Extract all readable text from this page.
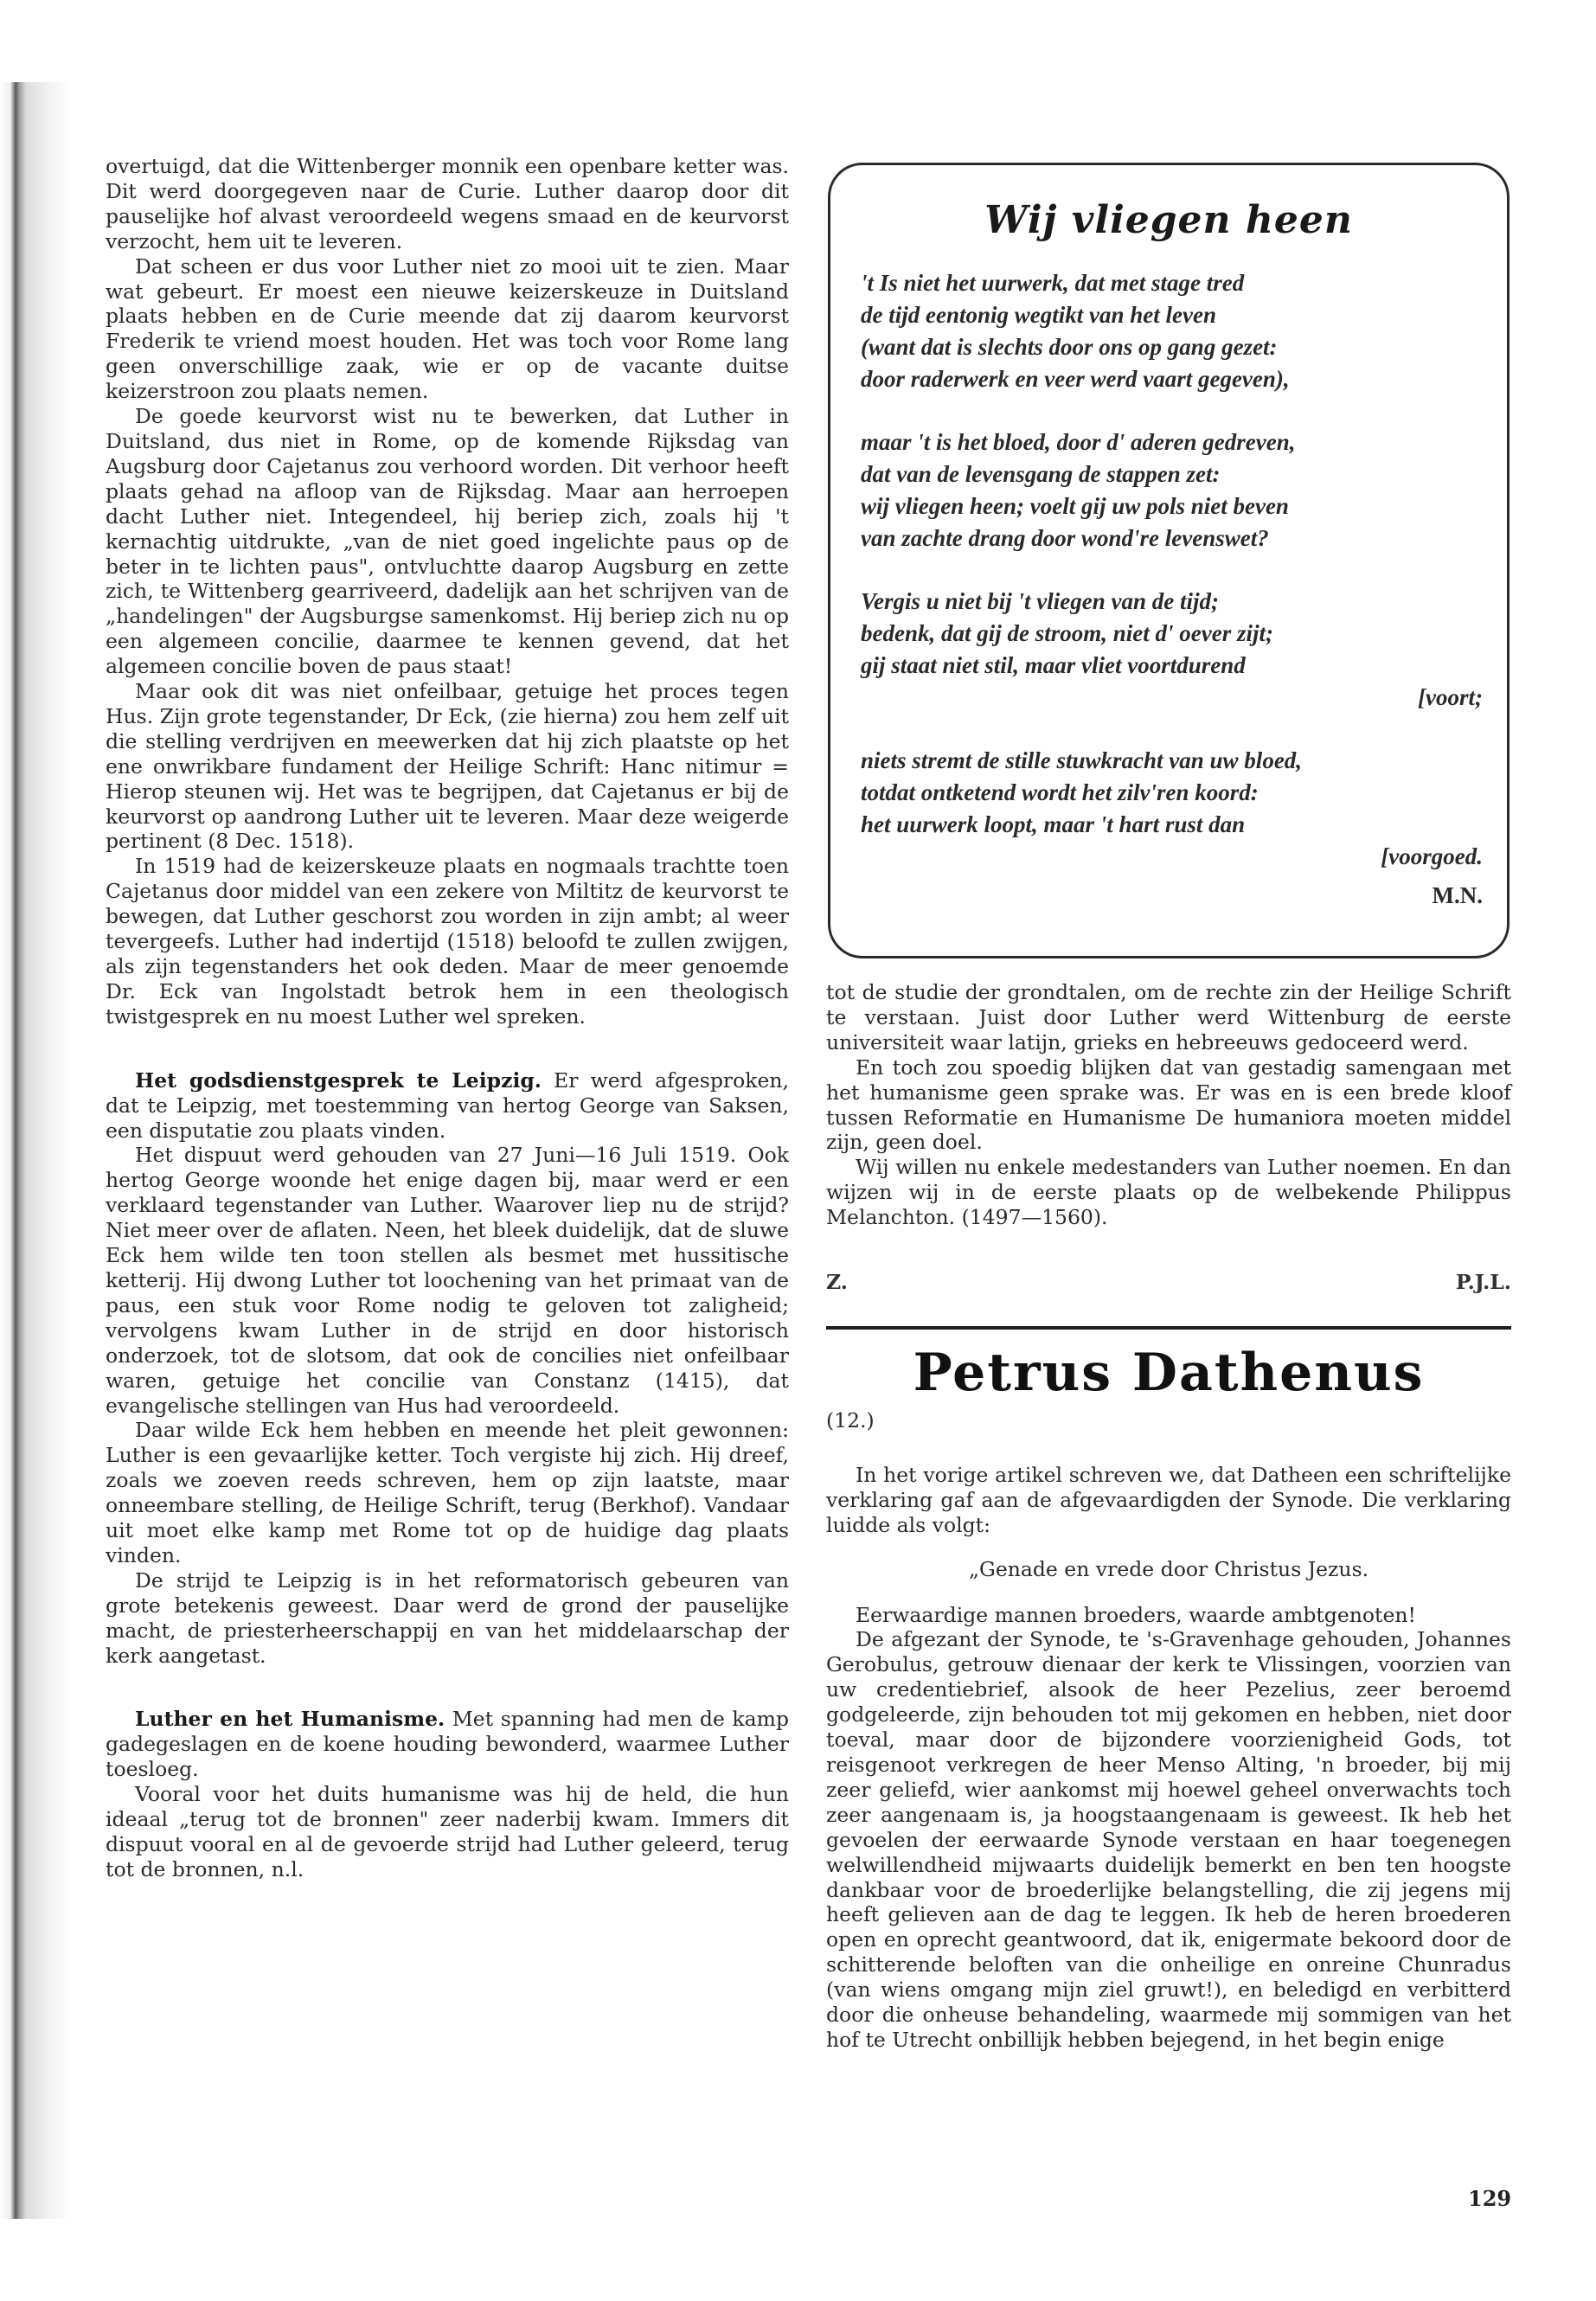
overtuigd, dat die Wittenberger monnik een openbare ketter was. Dit werd doorgegeven naar de Curie. Luther daarop door dit pauselijke hof alvast veroordeeld wegens smaad en de keurvorst verzocht, hem uit te leveren.

Dat scheen er dus voor Luther niet zo mooi uit te zien. Maar wat gebeurt. Er moest een nieuwe keizerskeuze in Duitsland plaats hebben en de Curie meende dat zij daarom keurvorst Frederik te vriend moest houden. Het was toch voor Rome lang geen onverschillige zaak, wie er op de vacante duitse keizerstroon zou plaats nemen.

De goede keurvorst wist nu te bewerken, dat Luther in Duitsland, dus niet in Rome, op de komende Rijksdag van Augsburg door Cajetanus zou verhoord worden. Dit verhoor heeft plaats gehad na afloop van de Rijksdag. Maar aan herroepen dacht Luther niet. Integendeel, hij beriep zich, zoals hij 't kernachtig uitdrukte, „van de niet goed ingelichte paus op de beter in te lichten paus", ontvluchtte daarop Augsburg en zette zich, te Wittenberg gearriveerd, dadelijk aan het schrijven van de „handelingen" der Augsburgse samenkomst. Hij beriep zich nu op een algemeen concilie, daarmee te kennen gevend, dat het algemeen concilie boven de paus staat!

Maar ook dit was niet onfeilbaar, getuige het proces tegen Hus. Zijn grote tegenstander, Dr Eck, (zie hierna) zou hem zelf uit die stelling verdrijven en meewerken dat hij zich plaatste op het ene onwrikbare fundament der Heilige Schrift: Hanc nitimur = Hierop steunen wij. Het was te begrijpen, dat Cajetanus er bij de keurvorst op aandrong Luther uit te leveren. Maar deze weigerde pertinent (8 Dec. 1518).

In 1519 had de keizerskeuze plaats en nogmaals trachtte toen Cajetanus door middel van een zekere von Miltitz de keurvorst te bewegen, dat Luther geschorst zou worden in zijn ambt; al weer tevergeefs. Luther had indertijd (1518) beloofd te zullen zwijgen, als zijn tegenstanders het ook deden. Maar de meer genoemde Dr. Eck van Ingolstadt betrok hem in een theologisch twistgesprek en nu moest Luther wel spreken.

Het godsdienstgesprek te Leipzig. Er werd afgesproken, dat te Leipzig, met toestemming van hertog George van Saksen, een disputatie zou plaats vinden.

Het dispuut werd gehouden van 27 Juni—16 Juli 1519. Ook hertog George woonde het enige dagen bij, maar werd er een verklaard tegenstander van Luther. Waarover liep nu de strijd? Niet meer over de aflaten. Neen, het bleek duidelijk, dat de sluwe Eck hem wilde ten toon stellen als besmet met hussitische ketterij. Hij dwong Luther tot loochening van het primaat van de paus, een stuk voor Rome nodig te geloven tot zaligheid; vervolgens kwam Luther in de strijd en door historisch onderzoek, tot de slotsom, dat ook de concilies niet onfeilbaar waren, getuige het concilie van Constanz (1415), dat evangelische stellingen van Hus had veroordeeld.

Daar wilde Eck hem hebben en meende het pleit gewonnen: Luther is een gevaarlijke ketter. Toch vergiste hij zich. Hij dreef, zoals we zoeven reeds schreven, hem op zijn laatste, maar onneembare stelling, de Heilige Schrift, terug (Berkhof). Vandaar uit moet elke kamp met Rome tot op de huidige dag plaats vinden.

De strijd te Leipzig is in het reformatorisch gebeuren van grote betekenis geweest. Daar werd de grond der pauselijke macht, de priesterheerschappij en van het middelaarschap der kerk aangetast.

Luther en het Humanisme. Met spanning had men de kamp gadegeslagen en de koene houding bewonderd, waarmee Luther toesloeg.

Vooral voor het duits humanisme was hij de held, die hun ideaal „terug tot de bronnen" zeer naderbij kwam. Immers dit dispuut vooral en al de gevoerde strijd had Luther geleerd, terug tot de bronnen, n.l.

Wij vliegen heen
't Is niet het uurwerk, dat met stage tred
de tijd eentonig wegtikt van het leven
(want dat is slechts door ons op gang gezet:
door raderwerk en veer werd vaart gegeven),
maar 't is het bloed, door d' aderen gedreven,
dat van de levensgang de stappen zet:
wij vliegen heen; voelt gij uw pols niet beven
van zachte drang door wond're levenswet?
Vergis u niet bij 't vliegen van de tijd;
bedenk, dat gij de stroom, niet d' oever zijt;
gij staat niet stil, maar vliet voortdurend
[voort;
niets stremt de stille stuwkracht van uw bloed,
totdat ontketend wordt het zilv'ren koord:
het uurwerk loopt, maar 't hart rust dan
[voorgoed.
M.N.

tot de studie der grondtalen, om de rechte zin der Heilige Schrift te verstaan. Juist door Luther werd Wittenburg de eerste universiteit waar latijn, grieks en hebreeuws gedoceerd werd.

En toch zou spoedig blijken dat van gestadig samengaan met het humanisme geen sprake was. Er was en is een brede kloof tussen Reformatie en Humanisme De humaniora moeten middel zijn, geen doel.

Wij willen nu enkele medestanders van Luther noemen. En dan wijzen wij in de eerste plaats op de welbekende Philippus Melanchton. (1497—1560).

Z.	P.J.L.
Petrus Dathenus

(12.)

In het vorige artikel schreven we, dat Datheen een schriftelijke verklaring gaf aan de afgevaardigden der Synode. Die verklaring luidde als volgt:

„Genade en vrede door Christus Jezus.

Eerwaardige mannen broeders, waarde ambtgenoten!

De afgezant der Synode, te 's-Gravenhage gehouden, Johannes Gerobulus, getrouw dienaar der kerk te Vlissingen, voorzien van uw credentiebrief, alsook de heer Pezelius, zeer beroemd godgeleerde, zijn behouden tot mij gekomen en hebben, niet door toeval, maar door de bijzondere voorzienigheid Gods, tot reisgenoot verkregen de heer Menso Alting, 'n broeder, bij mij zeer geliefd, wier aankomst mij hoewel geheel onverwachts toch zeer aangenaam is, ja hoogstaangenaam is geweest. Ik heb het gevoelen der eerwaarde Synode verstaan en haar toegenegen welwillendheid mijwaarts duidelijk bemerkt en ben ten hoogste dankbaar voor de broederlijke belangstelling, die zij jegens mij heeft gelieven aan de dag te leggen. Ik heb de heren broederen open en oprecht geantwoord, dat ik, enigermate bekoord door de schitterende beloften van die onheilige en onreine Chunradus (van wiens omgang mijn ziel gruwt!), en beledigd en verbitterd door die onheuse behandeling, waarmede mij sommigen van het hof te Utrecht onbillijk hebben bejegend, in het begin enige

129
